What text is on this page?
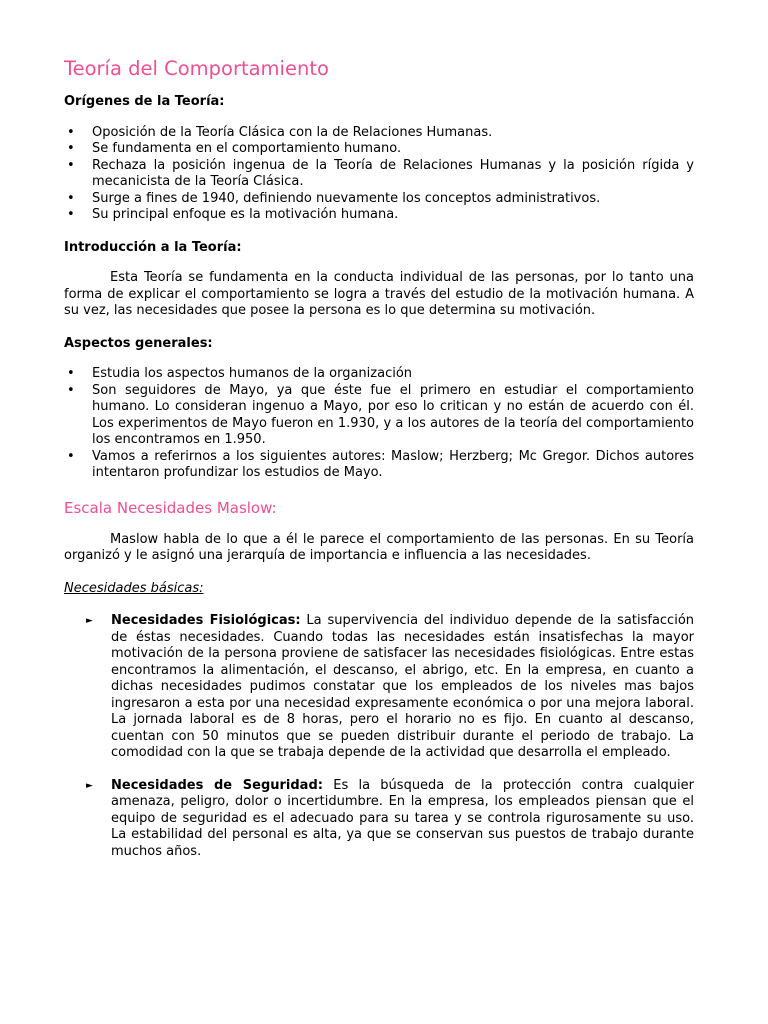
Teoría del Comportamiento
Orígenes de la Teoría:
• Oposición de la Teoría Clásica con la de Relaciones Humanas.
• Se fundamenta en el comportamiento humano.
• Rechaza la posición ingenua de la Teoría de Relaciones Humanas y la posición rígida y mecanicista de la Teoría Clásica.
• Surge a fines de 1940, definiendo nuevamente los conceptos administrativos.
• Su principal enfoque es la motivación humana.
Introducción a la Teoría:

Esta Teoría se fundamenta en la conducta individual de las personas, por lo tanto una forma de explicar el comportamiento se logra a través del estudio de la motivación humana. A su vez, las necesidades que posee la persona es lo que determina su motivación.

Aspectos generales:
• Estudia los aspectos humanos de la organización
• Son seguidores de Mayo, ya que éste fue el primero en estudiar el comportamiento humano. Lo consideran ingenuo a Mayo, por eso lo critican y no están de acuerdo con él. Los experimentos de Mayo fueron en 1.930, y a los autores de la teoría del comportamiento los encontramos en 1.950.
• Vamos a referirnos a los siguientes autores: Maslow; Herzberg; Mc Gregor. Dichos autores intentaron profundizar los estudios de Mayo.
Escala Necesidades Maslow:

Maslow habla de lo que a él le parece el comportamiento de las personas. En su Teoría organizó y le asignó una jerarquía de importancia e influencia a las necesidades.

Necesidades básicas:
► Necesidades Fisiológicas: La supervivencia del individuo depende de la satisfacción de éstas necesidades. Cuando todas las necesidades están insatisfechas la mayor motivación de la persona proviene de satisfacer las necesidades fisiológicas. Entre estas encontramos la alimentación, el descanso, el abrigo, etc. En la empresa, en cuanto a dichas necesidades pudimos constatar que los empleados de los niveles mas bajos ingresaron a esta por una necesidad expresamente económica o por una mejora laboral. La jornada laboral es de 8 horas, pero el horario no es fijo. En cuanto al descanso, cuentan con 50 minutos que se pueden distribuir durante el periodo de trabajo. La comodidad con la que se trabaja depende de la actividad que desarrolla el empleado.
► Necesidades de Seguridad: Es la búsqueda de la protección contra cualquier amenaza, peligro, dolor o incertidumbre. En la empresa, los empleados piensan que el equipo de seguridad es el adecuado para su tarea y se controla rigurosamente su uso. La estabilidad del personal es alta, ya que se conservan sus puestos de trabajo durante muchos años.
